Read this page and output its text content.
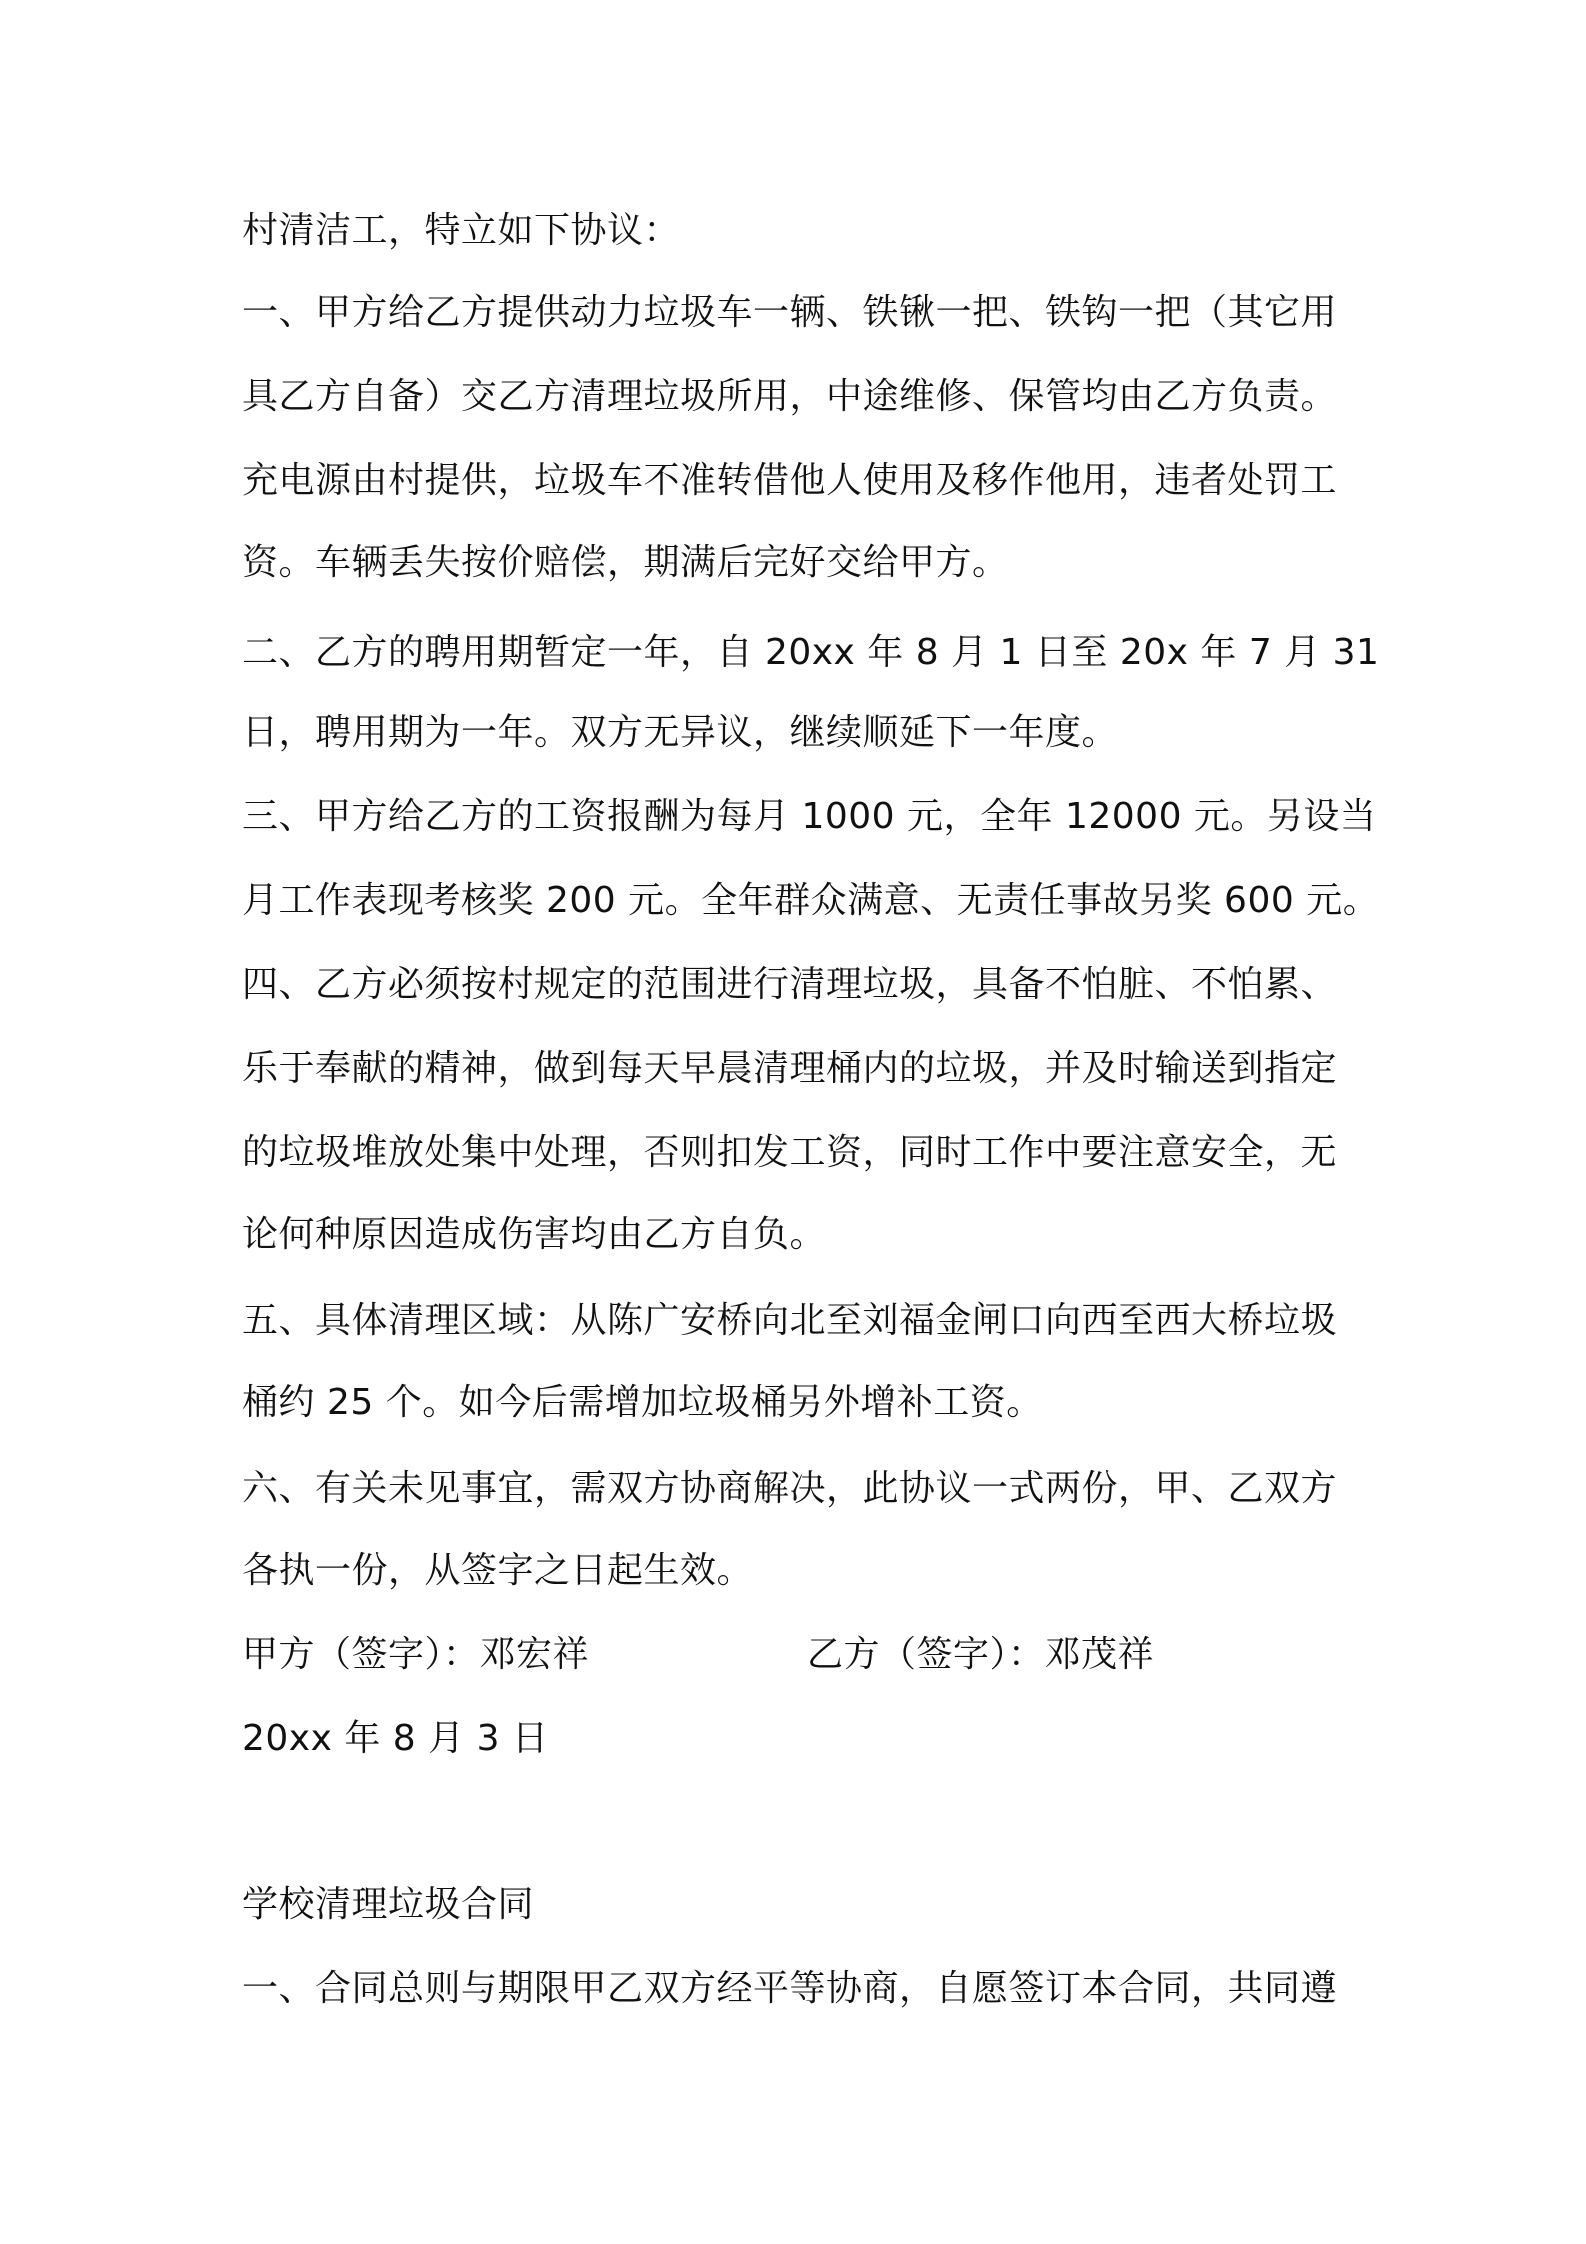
村清洁工，特立如下协议：
一、甲方给乙方提供动力垃圾车一辆、铁锹一把、铁钩一把（其它用
具乙方自备）交乙方清理垃圾所用，中途维修、保管均由乙方负责。
充电源由村提供，垃圾车不准转借他人使用及移作他用，违者处罚工
资。车辆丢失按价赔偿，期满后完好交给甲方。
二、乙方的聘用期暂定一年，自 20xx 年 8 月 1 日至 20x 年 7 月 31
日，聘用期为一年。双方无异议，继续顺延下一年度。
三、甲方给乙方的工资报酬为每月 1000 元，全年 12000 元。另设当
月工作表现考核奖 200 元。全年群众满意、无责任事故另奖 600 元。
四、乙方必须按村规定的范围进行清理垃圾，具备不怕脏、不怕累、
乐于奉献的精神，做到每天早晨清理桶内的垃圾，并及时输送到指定
的垃圾堆放处集中处理，否则扣发工资，同时工作中要注意安全，无
论何种原因造成伤害均由乙方自负。
五、具体清理区域：从陈广安桥向北至刘福金闸口向西至西大桥垃圾
桶约 25 个。如今后需增加垃圾桶另外增补工资。
六、有关未见事宜，需双方协商解决，此协议一式两份，甲、乙双方
各执一份，从签字之日起生效。
甲方（签字）：邓宏祥	乙方（签字）：邓茂祥
20xx 年 8 月 3 日
学校清理垃圾合同
一、合同总则与期限甲乙双方经平等协商，自愿签订本合同，共同遵
